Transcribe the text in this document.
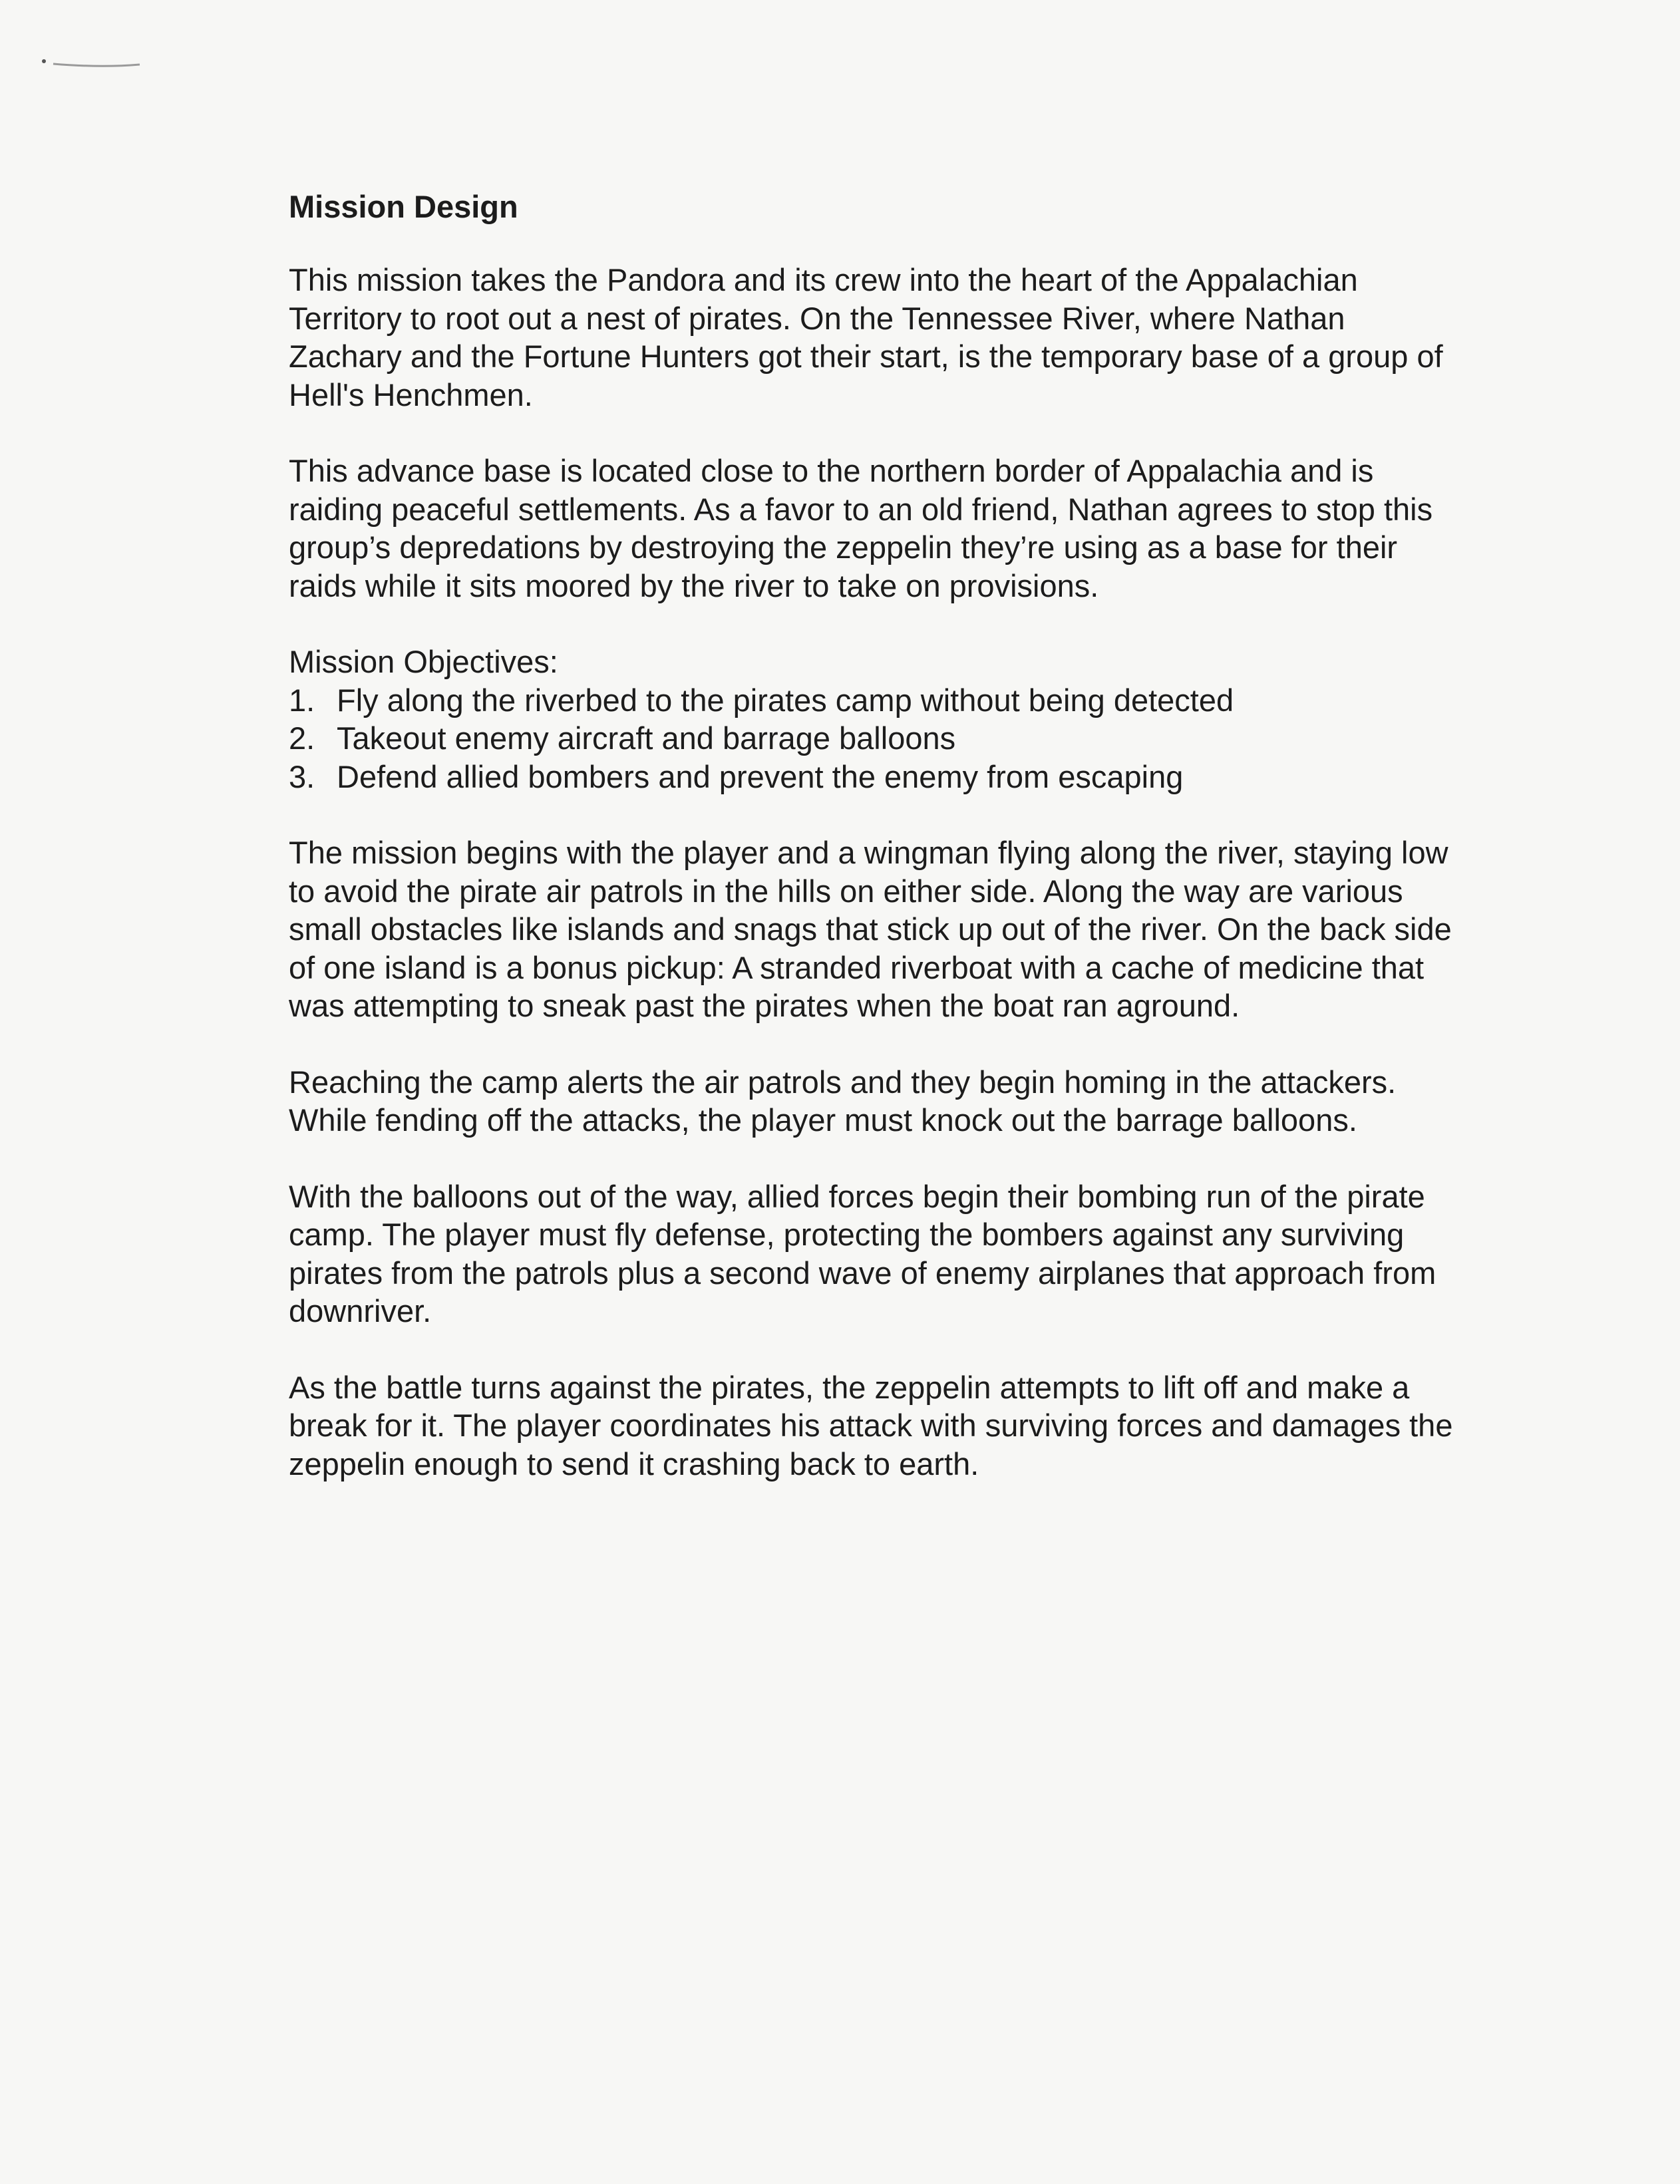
Mission Design

This mission takes the Pandora and its crew into the heart of the Appalachian Territory to root out a nest of pirates. On the Tennessee River, where Nathan Zachary and the Fortune Hunters got their start, is the temporary base of a group of Hell's Henchmen.

This advance base is located close to the northern border of Appalachia and is raiding peaceful settlements. As a favor to an old friend, Nathan agrees to stop this group’s depredations by destroying the zeppelin they’re using as a base for their raids while it sits moored by the river to take on provisions.

Mission Objectives:
1. Fly along the riverbed to the pirates camp without being detected
2. Takeout enemy aircraft and barrage balloons
3. Defend allied bombers and prevent the enemy from escaping

The mission begins with the player and a wingman flying along the river, staying low to avoid the pirate air patrols in the hills on either side. Along the way are various small obstacles like islands and snags that stick up out of the river. On the back side of one island is a bonus pickup: A stranded riverboat with a cache of medicine that was attempting to sneak past the pirates when the boat ran aground.

Reaching the camp alerts the air patrols and they begin homing in the attackers. While fending off the attacks, the player must knock out the barrage balloons.

With the balloons out of the way, allied forces begin their bombing run of the pirate camp. The player must fly defense, protecting the bombers against any surviving pirates from the patrols plus a second wave of enemy airplanes that approach from downriver.

As the battle turns against the pirates, the zeppelin attempts to lift off and make a break for it. The player coordinates his attack with surviving forces and damages the zeppelin enough to send it crashing back to earth.
